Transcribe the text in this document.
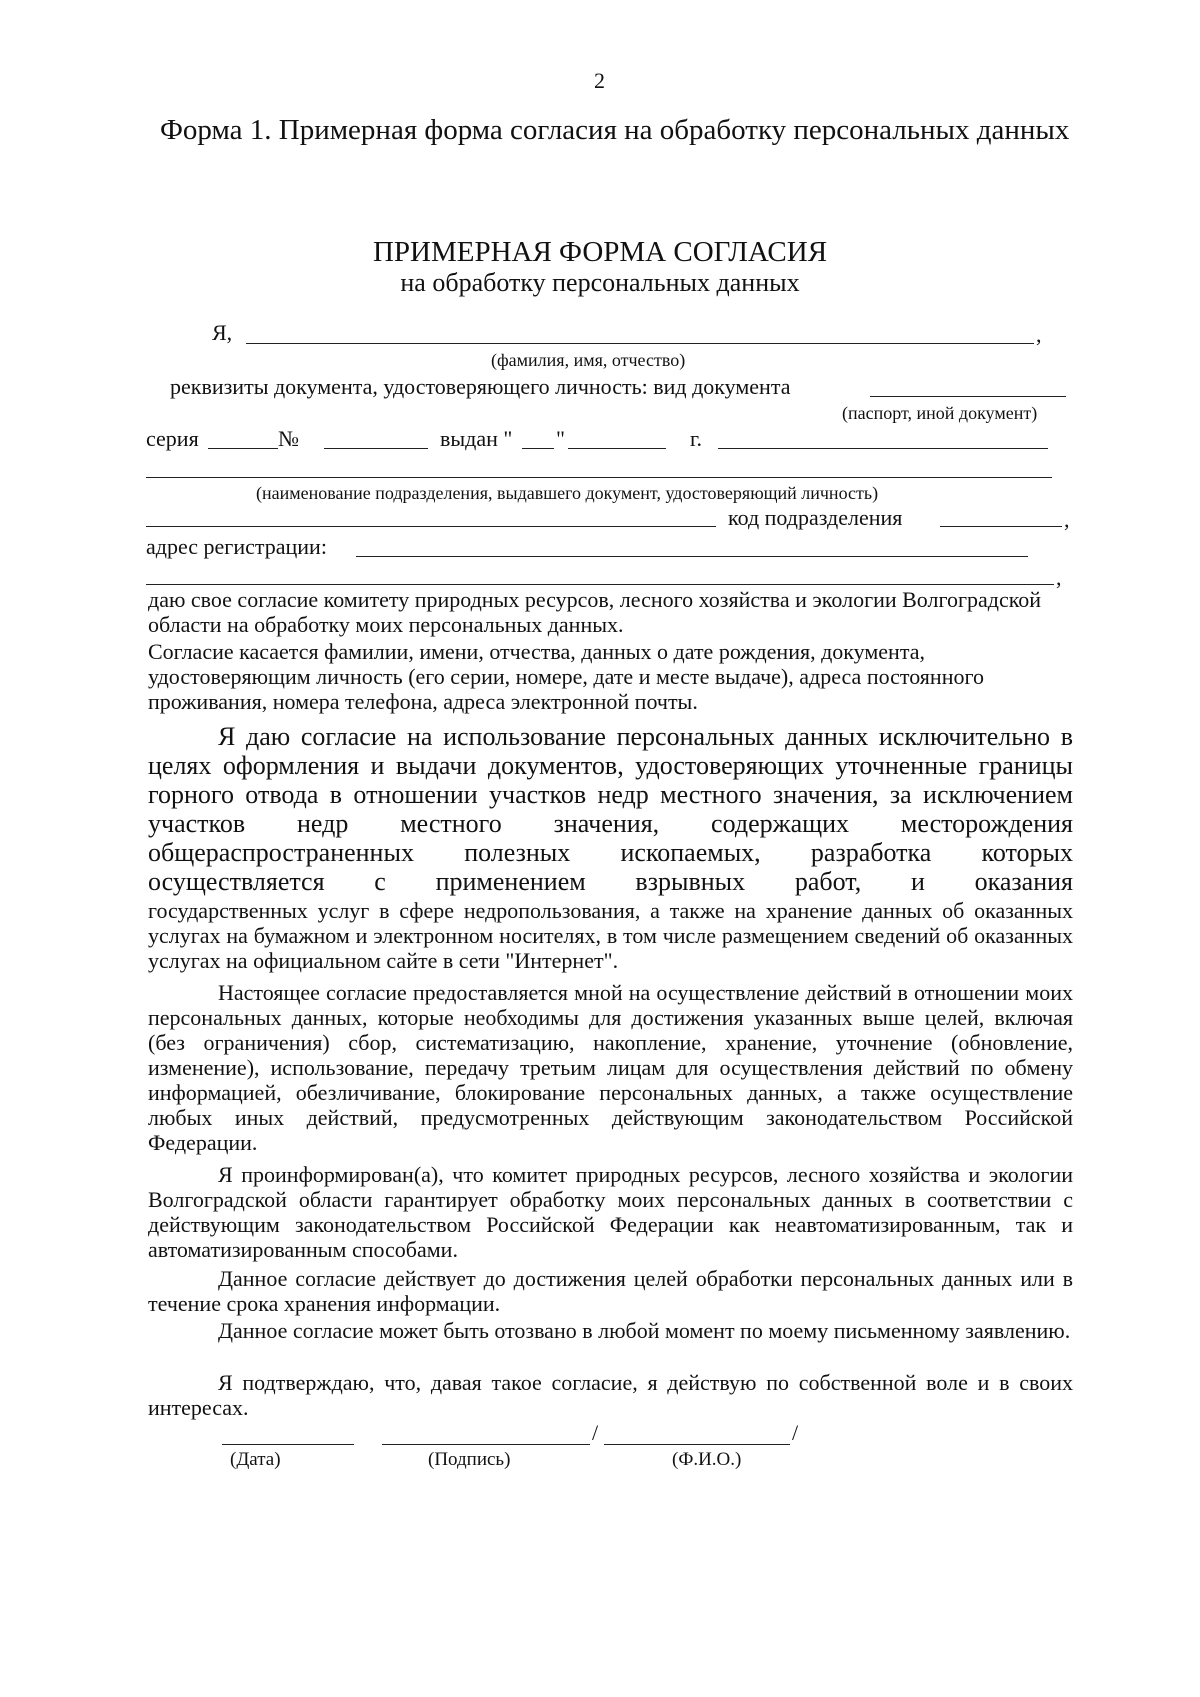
2
Форма 1. Примерная форма согласия на обработку персональных данных
ПРИМЕРНАЯ ФОРМА СОГЛАСИЯ
на обработку персональных данных
Я,	,
(фамилия, имя, отчество)
реквизиты документа, удостоверяющего личность: вид документа
(паспорт, иной документ)
серия	№	выдан " "	г.
(наименование подразделения, выдавшего документ, удостоверяющий личность)
код подразделения	,
адрес регистрации:
,
даю свое согласие комитету природных ресурсов, лесного хозяйства и экологии Волгоградской области на обработку моих персональных данных.
Согласие касается фамилии, имени, отчества, данных о дате рождения, документа, удостоверяющим личность (его серии, номере, дате и месте выдаче), адреса постоянного проживания, номера телефона, адреса электронной почты.
Я даю согласие на использование персональных данных исключительно в целях оформления и выдачи документов, удостоверяющих уточненные границы горного отвода в отношении участков недр местного значения, за исключением участков недр местного значения, содержащих месторождения общераспространенных полезных ископаемых, разработка которых осуществляется с применением взрывных работ, и оказания
государственных услуг в сфере недропользования, а также на хранение данных об оказанных услугах на бумажном и электронном носителях, в том числе размещением сведений об оказанных услугах на официальном сайте в сети "Интернет".
Настоящее согласие предоставляется мной на осуществление действий в отношении моих персональных данных, которые необходимы для достижения указанных выше целей, включая (без ограничения) сбор, систематизацию, накопление, хранение, уточнение (обновление, изменение), использование, передачу третьим лицам для осуществления действий по обмену информацией, обезличивание, блокирование персональных данных, а также осуществление любых иных действий, предусмотренных действующим законодательством Российской Федерации.
Я проинформирован(а), что комитет природных ресурсов, лесного хозяйства и экологии Волгоградской области гарантирует обработку моих персональных данных в соответствии с действующим законодательством Российской Федерации как неавтоматизированным, так и автоматизированным способами.
Данное согласие действует до достижения целей обработки персональных данных или в течение срока хранения информации.
Данное согласие может быть отозвано в любой момент по моему письменному заявлению.
Я подтверждаю, что, давая такое согласие, я действую по собственной воле и в своих интересах.
/	/
(Дата)	(Подпись)	(Ф.И.О.)
